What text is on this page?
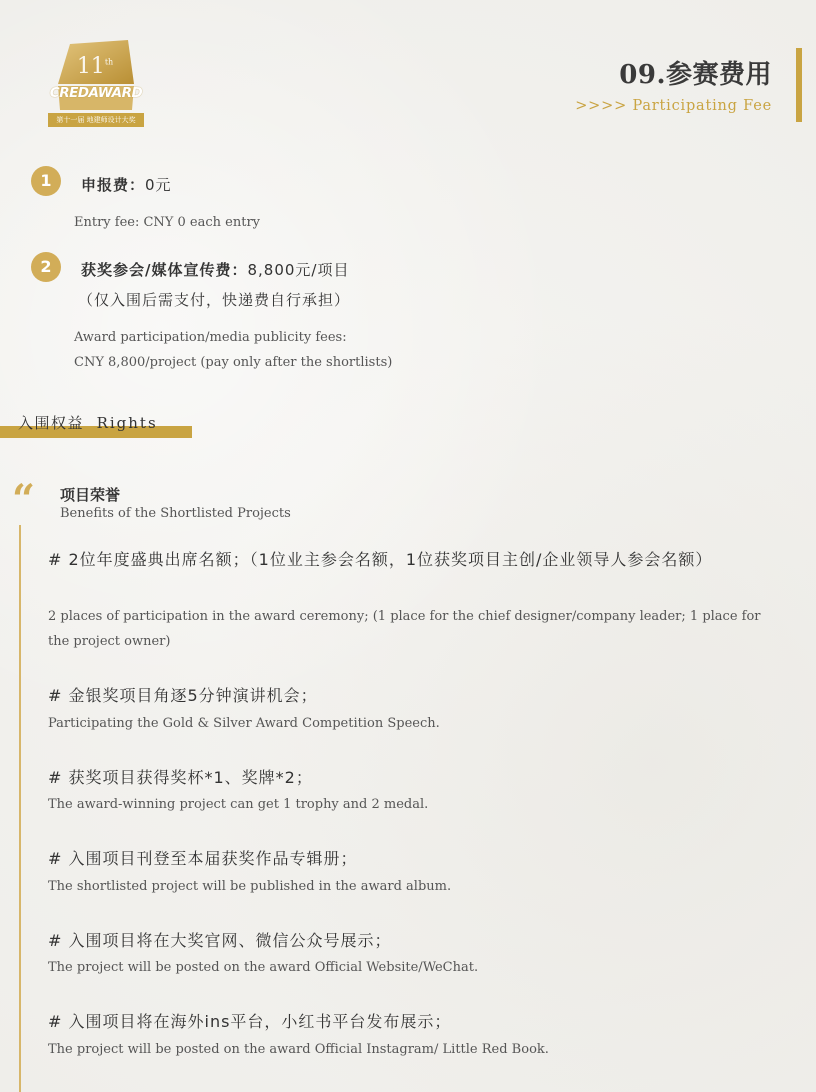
11th
CREDAWARD
第十一届 地建师设计大奖
09.参赛费用
>>>> Participating Fee
1	申报费：0元
Entry fee: CNY 0 each entry
2	获奖参会/媒体宣传费：8,800元/项目
（仅入围后需支付，快递费自行承担）
Award participation/media publicity fees:
CNY 8,800/project (pay only after the shortlists)
入围权益 Rights
“ 项目荣誉
Benefits of the Shortlisted Projects
# 2位年度盛典出席名额；（1位业主参会名额，1位获奖项目主创/企业领导人参会名额）
2 places of participation in the award ceremony; (1 place for the chief designer/company leader; 1 place for the project owner)
# 金银奖项目角逐5分钟演讲机会；
Participating the Gold & Silver Award Competition Speech.
# 获奖项目获得奖杯*1、奖牌*2；
The award-winning project can get 1 trophy and 2 medal.
# 入围项目刊登至本届获奖作品专辑册；
The shortlisted project will be published in the award album.
# 入围项目将在大奖官网、微信公众号展示；
The project will be posted on the award Official Website/WeChat.
# 入围项目将在海外ins平台，小红书平台发布展示；
The project will be posted on the award Official Instagram/ Little Red Book.
